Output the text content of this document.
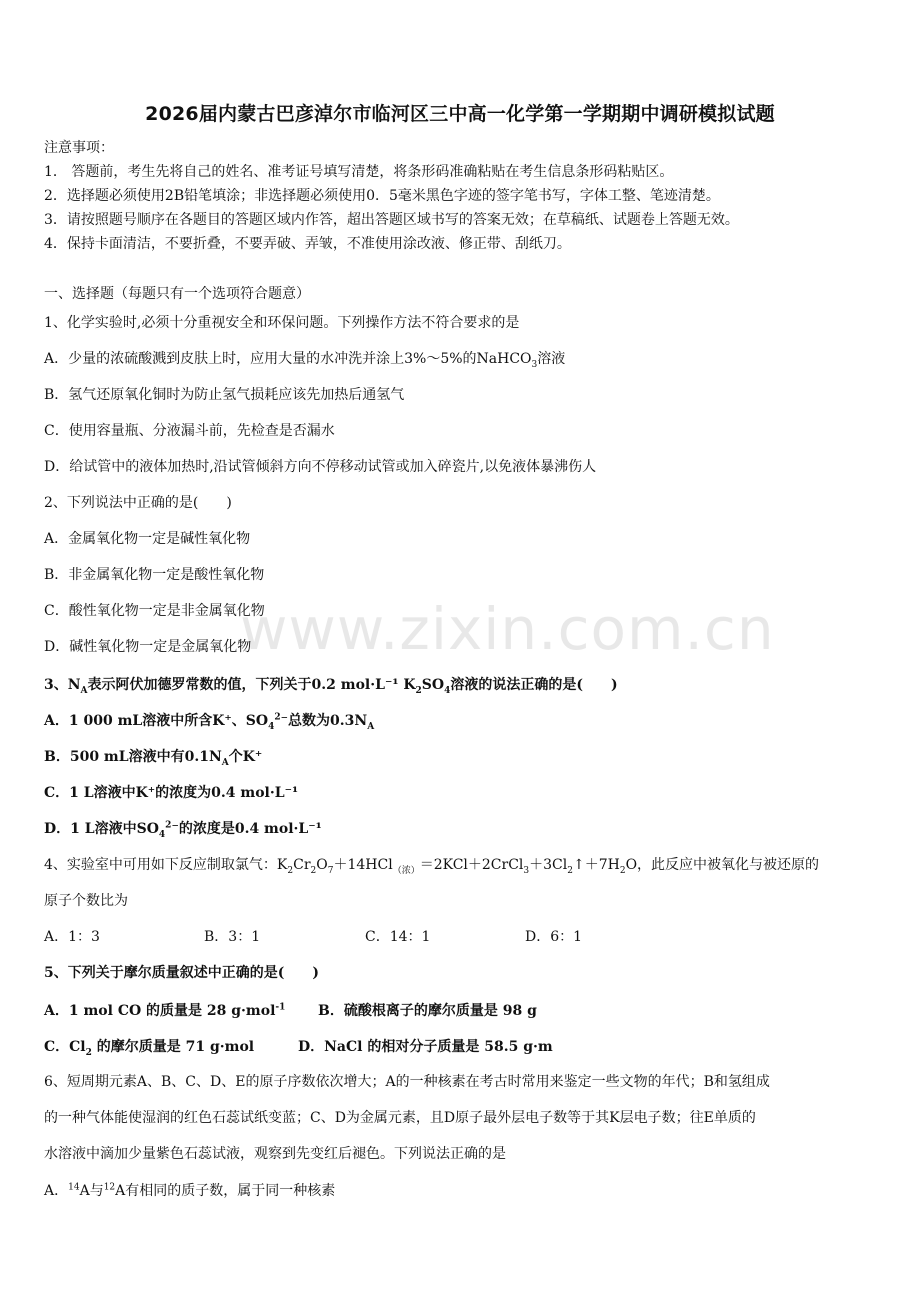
www.zixin.com.cn
2026届内蒙古巴彦淖尔市临河区三中高一化学第一学期期中调研模拟试题
注意事项：
1． 答题前，考生先将自己的姓名、准考证号填写清楚，将条形码准确粘贴在考生信息条形码粘贴区。
2．选择题必须使用2B铅笔填涂；非选择题必须使用0．5毫米黑色字迹的签字笔书写，字体工整、笔迹清楚。
3．请按照题号顺序在各题目的答题区域内作答，超出答题区域书写的答案无效；在草稿纸、试题卷上答题无效。
4．保持卡面清洁，不要折叠，不要弄破、弄皱，不准使用涂改液、修正带、刮纸刀。
一、选择题（每题只有一个选项符合题意）
1、化学实验时,必须十分重视安全和环保问题。下列操作方法不符合要求的是
A．少量的浓硫酸溅到皮肤上时，应用大量的水冲洗并涂上3%～5%的NaHCO$_3$溶液
B．氢气还原氧化铜时为防止氢气损耗应该先加热后通氢气
C．使用容量瓶、分液漏斗前，先检查是否漏水
D．给试管中的液体加热时,沿试管倾斜方向不停移动试管或加入碎瓷片,以免液体暴沸伤人
2、下列说法中正确的是(　　)
A．金属氧化物一定是碱性氧化物
B．非金属氧化物一定是酸性氧化物
C．酸性氧化物一定是非金属氧化物
D．碱性氧化物一定是金属氧化物
3、$N_A$表示阿伏加德罗常数的值，下列关于0.2 mol·L⁻¹ $K_2SO_4$溶液的说法正确的是(　　)
A．1 000 mL溶液中所含K⁺、$SO_4^2^-$总数为$0.3N_A$
B．500 mL溶液中有$0.1N_A$个K⁺
C．1 L溶液中K⁺的浓度为0.4 mol·L⁻¹
D．1 L溶液中$SO_4^2^-$的浓度是0.4 mol·L⁻¹
4、实验室中可用如下反应制取氯气：$K_2Cr_2O_7+14HCl_{(浓)}=2KCl+2CrCl_3+3Cl_2↑+7H_2O$，此反应中被氧化与被还原的
原子个数比为
A．1：3	B．3：1	C．14：1	D．6：1
5、下列关于摩尔质量叙述中正确的是(　　)
A．1 mol CO 的质量是 28 g·mol$^{-1}$ B．硫酸根离子的摩尔质量是 98 g
C．$Cl_2$ 的摩尔质量是 71 g·mol	D．NaCl 的相对分子质量是 58.5 g·m
6、短周期元素A、B、C、D、E的原子序数依次增大；A的一种核素在考古时常用来鉴定一些文物的年代；B和氢组成
的一种气体能使湿润的红色石蕊试纸变蓝；C、D为金属元素，且D原子最外层电子数等于其K层电子数；往E单质的
水溶液中滴加少量紫色石蕊试液，观察到先变红后褪色。下列说法正确的是
A．$^{14}$A与$^{12}$A有相同的质子数，属于同一种核素
